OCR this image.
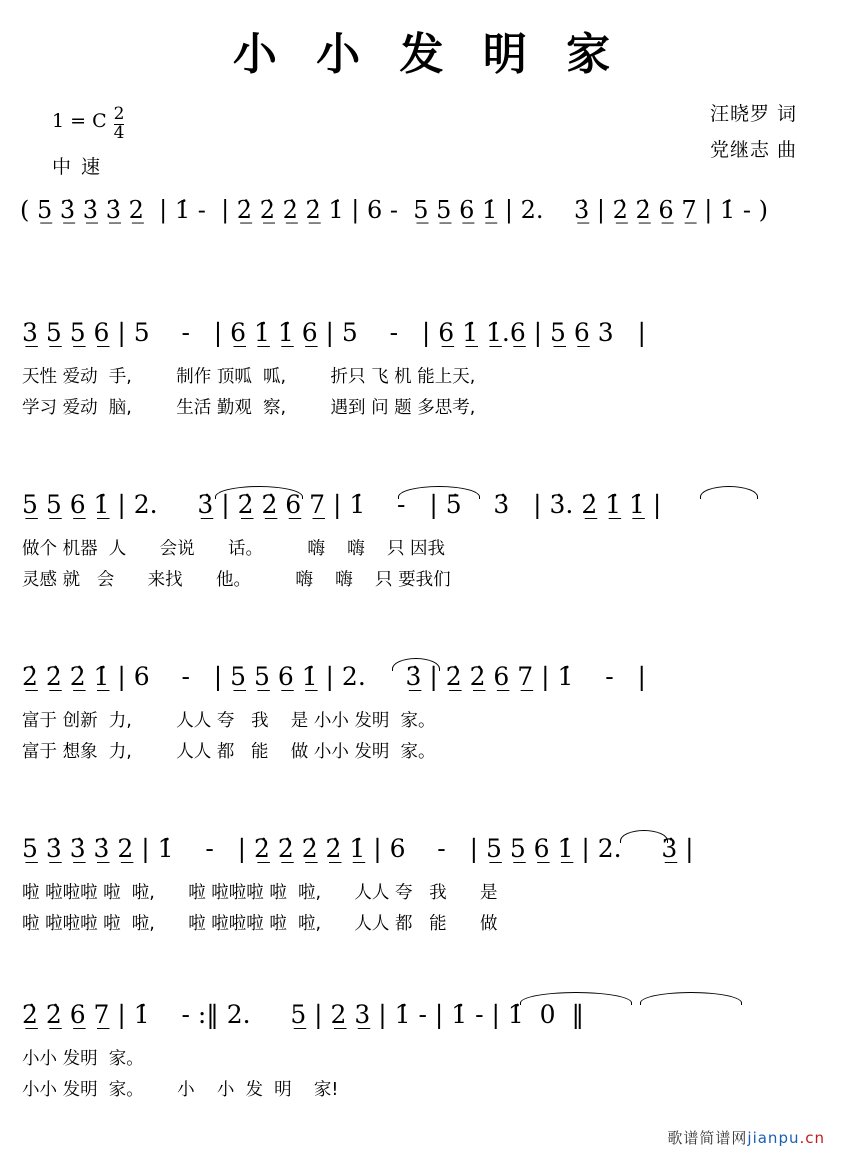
小 小 发 明 家
1 = C $\frac{2}{4}$
中 速
汪晓罗 词
党继志 曲
( 5̲ 3̲̇ 3̲̇ 3̲̇ 2̲  | 1̇ -  | 2̲̇ 2̲̇ 2̲̇ 2̲̇ 1̇ | 6 -  5̲ 5̲ 6̲ 1̲̇ | 2.    3̲̇ | 2̲̇ 2̲̇ 6̲ 7̲ | 1̇ - )
3̲ 5̲ 5̲ 6̲ | 5    -   | 6̲ 1̲̇ 1̲̇ 6̲ | 5    -   | 6̲ 1̲̇ 1̲̇.6̲ | 5̲ 6̲ 3   |
天性 爱动  手,        制作 顶呱  呱,        折只 飞 机 能上天,
学习 爱动  脑,        生活 勤观  察,        遇到 问 题 多思考,
5̲ 5̲ 6̲ 1̲̇ | 2.     3̲̇ | 2̲̇ 2̲̇ 6̲ 7̲ | 1̇    -   | 5̇    3̇   | 3̇. 2̲̇ 1̲̇ 1̲̇ |
做个 机器  人      会说      话。        嗨    嗨    只 因我
灵感 就   会      来找      他。        嗨    嗨    只 要我们
2̲̇ 2̲̇ 2̲̇ 1̲̇ | 6    -   | 5̲ 5̲ 6̲ 1̲̇ | 2.     3̲̇ | 2̲̇ 2̲̇ 6̲ 7̲ | 1̇    -   |
富于 创新  力,        人人 夸   我    是 小小 发明  家。
富于 想象  力,        人人 都   能    做 小小 发明  家。
5̲ 3̲̇ 3̲̇ 3̲̇ 2̲ | 1̇    -   | 2̲̇ 2̲̇ 2̲̇ 2̲̇ 1̲̇ | 6    -   | 5̲ 5̲ 6̲ 1̲̇ | 2.     3̲̇ |
啦 啦啦啦 啦  啦,      啦 啦啦啦 啦  啦,      人人 夸   我      是
啦 啦啦啦 啦  啦,      啦 啦啦啦 啦  啦,      人人 都   能      做
2̲̇ 2̲̇ 6̲ 7̲ | 1̇    - :‖ 2.     5̲ | 2̲ 3̲ | 1̇ - | 1̇ - | 1̇  0  ‖
小小 发明  家。
小小 发明  家。      小    小  发  明    家!
歌谱简谱网jianpu.cn
